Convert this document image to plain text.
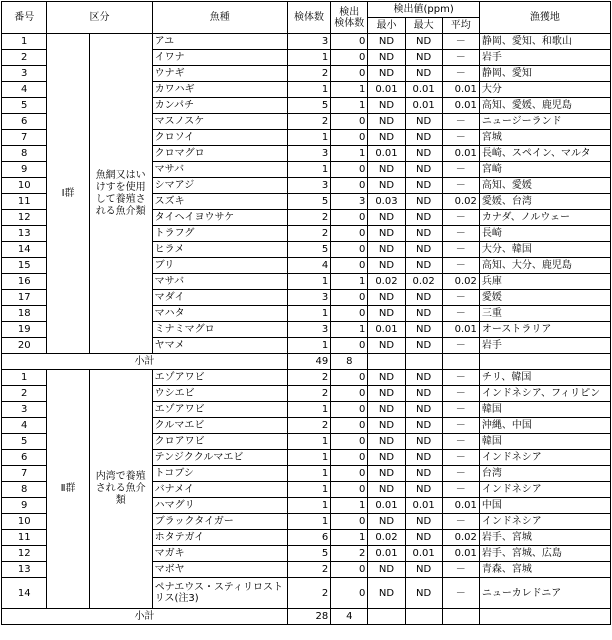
番号	区分		魚種	検体数	検出
検体数	検出値(ppm)			漁獲地
						最小	最大	平均	
1	Ⅰ群	魚網又はいけすを使用して養殖される魚介類	アユ	3	0	ND	ND	－	静岡、愛知、和歌山
2			イワナ	1	0	ND	ND	－	岩手
3			ウナギ	2	0	ND	ND	－	静岡、愛知
4			カワハギ	1	1	0.01	0.01	0.01	大分
5			カンパチ	5	1	ND	0.01	0.01	高知、愛媛、鹿児島
6			マスノスケ	2	0	ND	ND	－	ニュージーランド
7			クロソイ	1	0	ND	ND	－	宮城
8			クロマグロ	3	1	0.01	ND	0.01	長崎、スペイン、マルタ
9			マサバ	1	0	ND	ND	－	宮崎
10			シマアジ	3	0	ND	ND	－	高知、愛媛
11			スズキ	5	3	0.03	ND	0.02	愛媛、台湾
12			タイヘイヨウサケ	2	0	ND	ND	－	カナダ、ノルウェー
13			トラフグ	2	0	ND	ND	－	長崎
14			ヒラメ	5	0	ND	ND	－	大分、韓国
15			ブリ	4	0	ND	ND	－	高知、大分、鹿児島
16			マサバ	1	1	0.02	0.02	0.02	兵庫
17			マダイ	3	0	ND	ND	－	愛媛
18			マハタ	1	0	ND	ND	－	三重
19			ミナミマグロ	3	1	0.01	ND	0.01	オーストラリア
20			ヤマメ	1	0	ND	ND	－	岩手
小計				49	8				
1	Ⅱ群	内湾で養殖される魚介類	エゾアワビ	2	0	ND	ND	－	チリ、韓国
2			ウシエビ	2	0	ND	ND	－	インドネシア、フィリピン
3			エゾアワビ	1	0	ND	ND	－	韓国
4			クルマエビ	2	0	ND	ND	－	沖縄、中国
5			クロアワビ	1	0	ND	ND	－	韓国
6			テンジククルマエビ	1	0	ND	ND	－	インドネシア
7			トコブシ	1	0	ND	ND	－	台湾
8			バナメイ	1	0	ND	ND	－	インドネシア
9			ハマグリ	1	1	0.01	0.01	0.01	中国
10			ブラックタイガー	1	0	ND	ND	－	インドネシア
11			ホタテガイ	6	1	0.02	ND	0.02	岩手、宮城
12			マガキ	5	2	0.01	0.01	0.01	岩手、宮城、広島
13			マボヤ	2	0	ND	ND	－	青森、宮城
14			ペナエウス・スティリロストリス(注3)	2	0	ND	ND	－	ニューカレドニア
小計				28	4				
